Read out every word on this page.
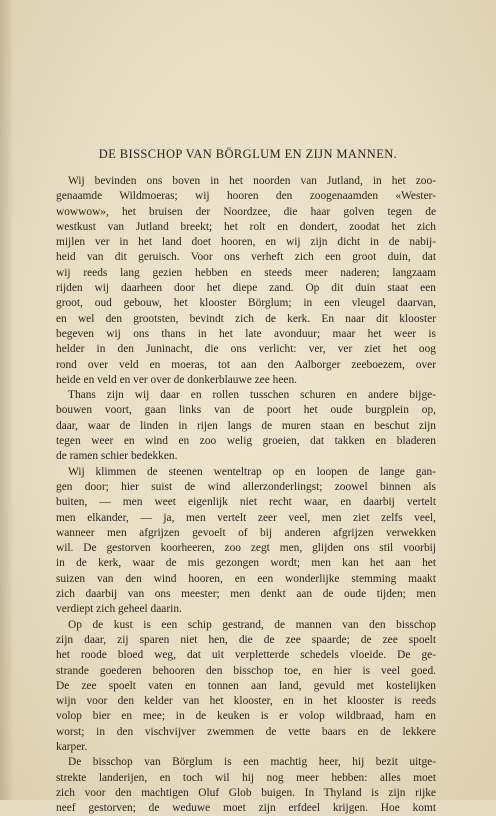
DE BISSCHOP VAN BÖRGLUM EN ZIJN MANNEN.
Wij bevinden ons boven in het noorden van Jutland, in het zoo-
genaamde Wildmoeras; wij hooren den zoogenaamden «Wester-
wowwow», het bruisen der Noordzee, die haar golven tegen de
westkust van Jutland breekt; het rolt en dondert, zoodat het zich
mijlen ver in het land doet hooren, en wij zijn dicht in de nabij-
heid van dit geruisch. Voor ons verheft zich een groot duin, dat
wij reeds lang gezien hebben en steeds meer naderen; langzaam
rijden wij daarheen door het diepe zand. Op dit duin staat een
groot, oud gebouw, het klooster Börglum; in een vleugel daarvan,
en wel den grootsten, bevindt zich de kerk. En naar dit klooster
begeven wij ons thans in het late avonduur; maar het weer is
helder in den Juninacht, die ons verlicht: ver, ver ziet het oog
rond over veld en moeras, tot aan den Aalborger zeeboezem, over
heide en veld en ver over de donkerblauwe zee heen.
Thans zijn wij daar en rollen tusschen schuren en andere bijge-
bouwen voort, gaan links van de poort het oude burgplein op,
daar, waar de linden in rijen langs de muren staan en beschut zijn
tegen weer en wind en zoo welig groeien, dat takken en bladeren
de ramen schier bedekken.
Wij klimmen de steenen wenteltrap op en loopen de lange gan-
gen door; hier suist de wind allerzonderlingst; zoowel binnen als
buiten, — men weet eigenlijk niet recht waar, en daarbij vertelt
men elkander, — ja, men vertelt zeer veel, men ziet zelfs veel,
wanneer men afgrijzen gevoelt of bij anderen afgrijzen verwekken
wil. De gestorven koorheeren, zoo zegt men, glijden ons stil voorbij
in de kerk, waar de mis gezongen wordt; men kan het aan het
suizen van den wind hooren, en een wonderlijke stemming maakt
zich daarbij van ons meester; men denkt aan de oude tijden; men
verdiept zich geheel daarin.
Op de kust is een schip gestrand, de mannen van den bisschop
zijn daar, zij sparen niet hen, die de zee spaarde; de zee spoelt
het roode bloed weg, dat uit verpletterde schedels vloeide. De ge-
strande goederen behooren den bisschop toe, en hier is veel goed.
De zee spoelt vaten en tonnen aan land, gevuld met kostelijken
wijn voor den kelder van het klooster, en in het klooster is reeds
volop bier en mee; in de keuken is er volop wildbraad, ham en
worst; in den vischvijver zwemmen de vette baars en de lekkere
karper.
De bisschop van Börglum is een machtig heer, hij bezit uitge-
strekte landerijen, en toch wil hij nog meer hebben: alles moet
zich voor den machtigen Oluf Glob buigen. In Thyland is zijn rijke
neef gestorven; de weduwe moet zijn erfdeel krijgen. Hoe komt
